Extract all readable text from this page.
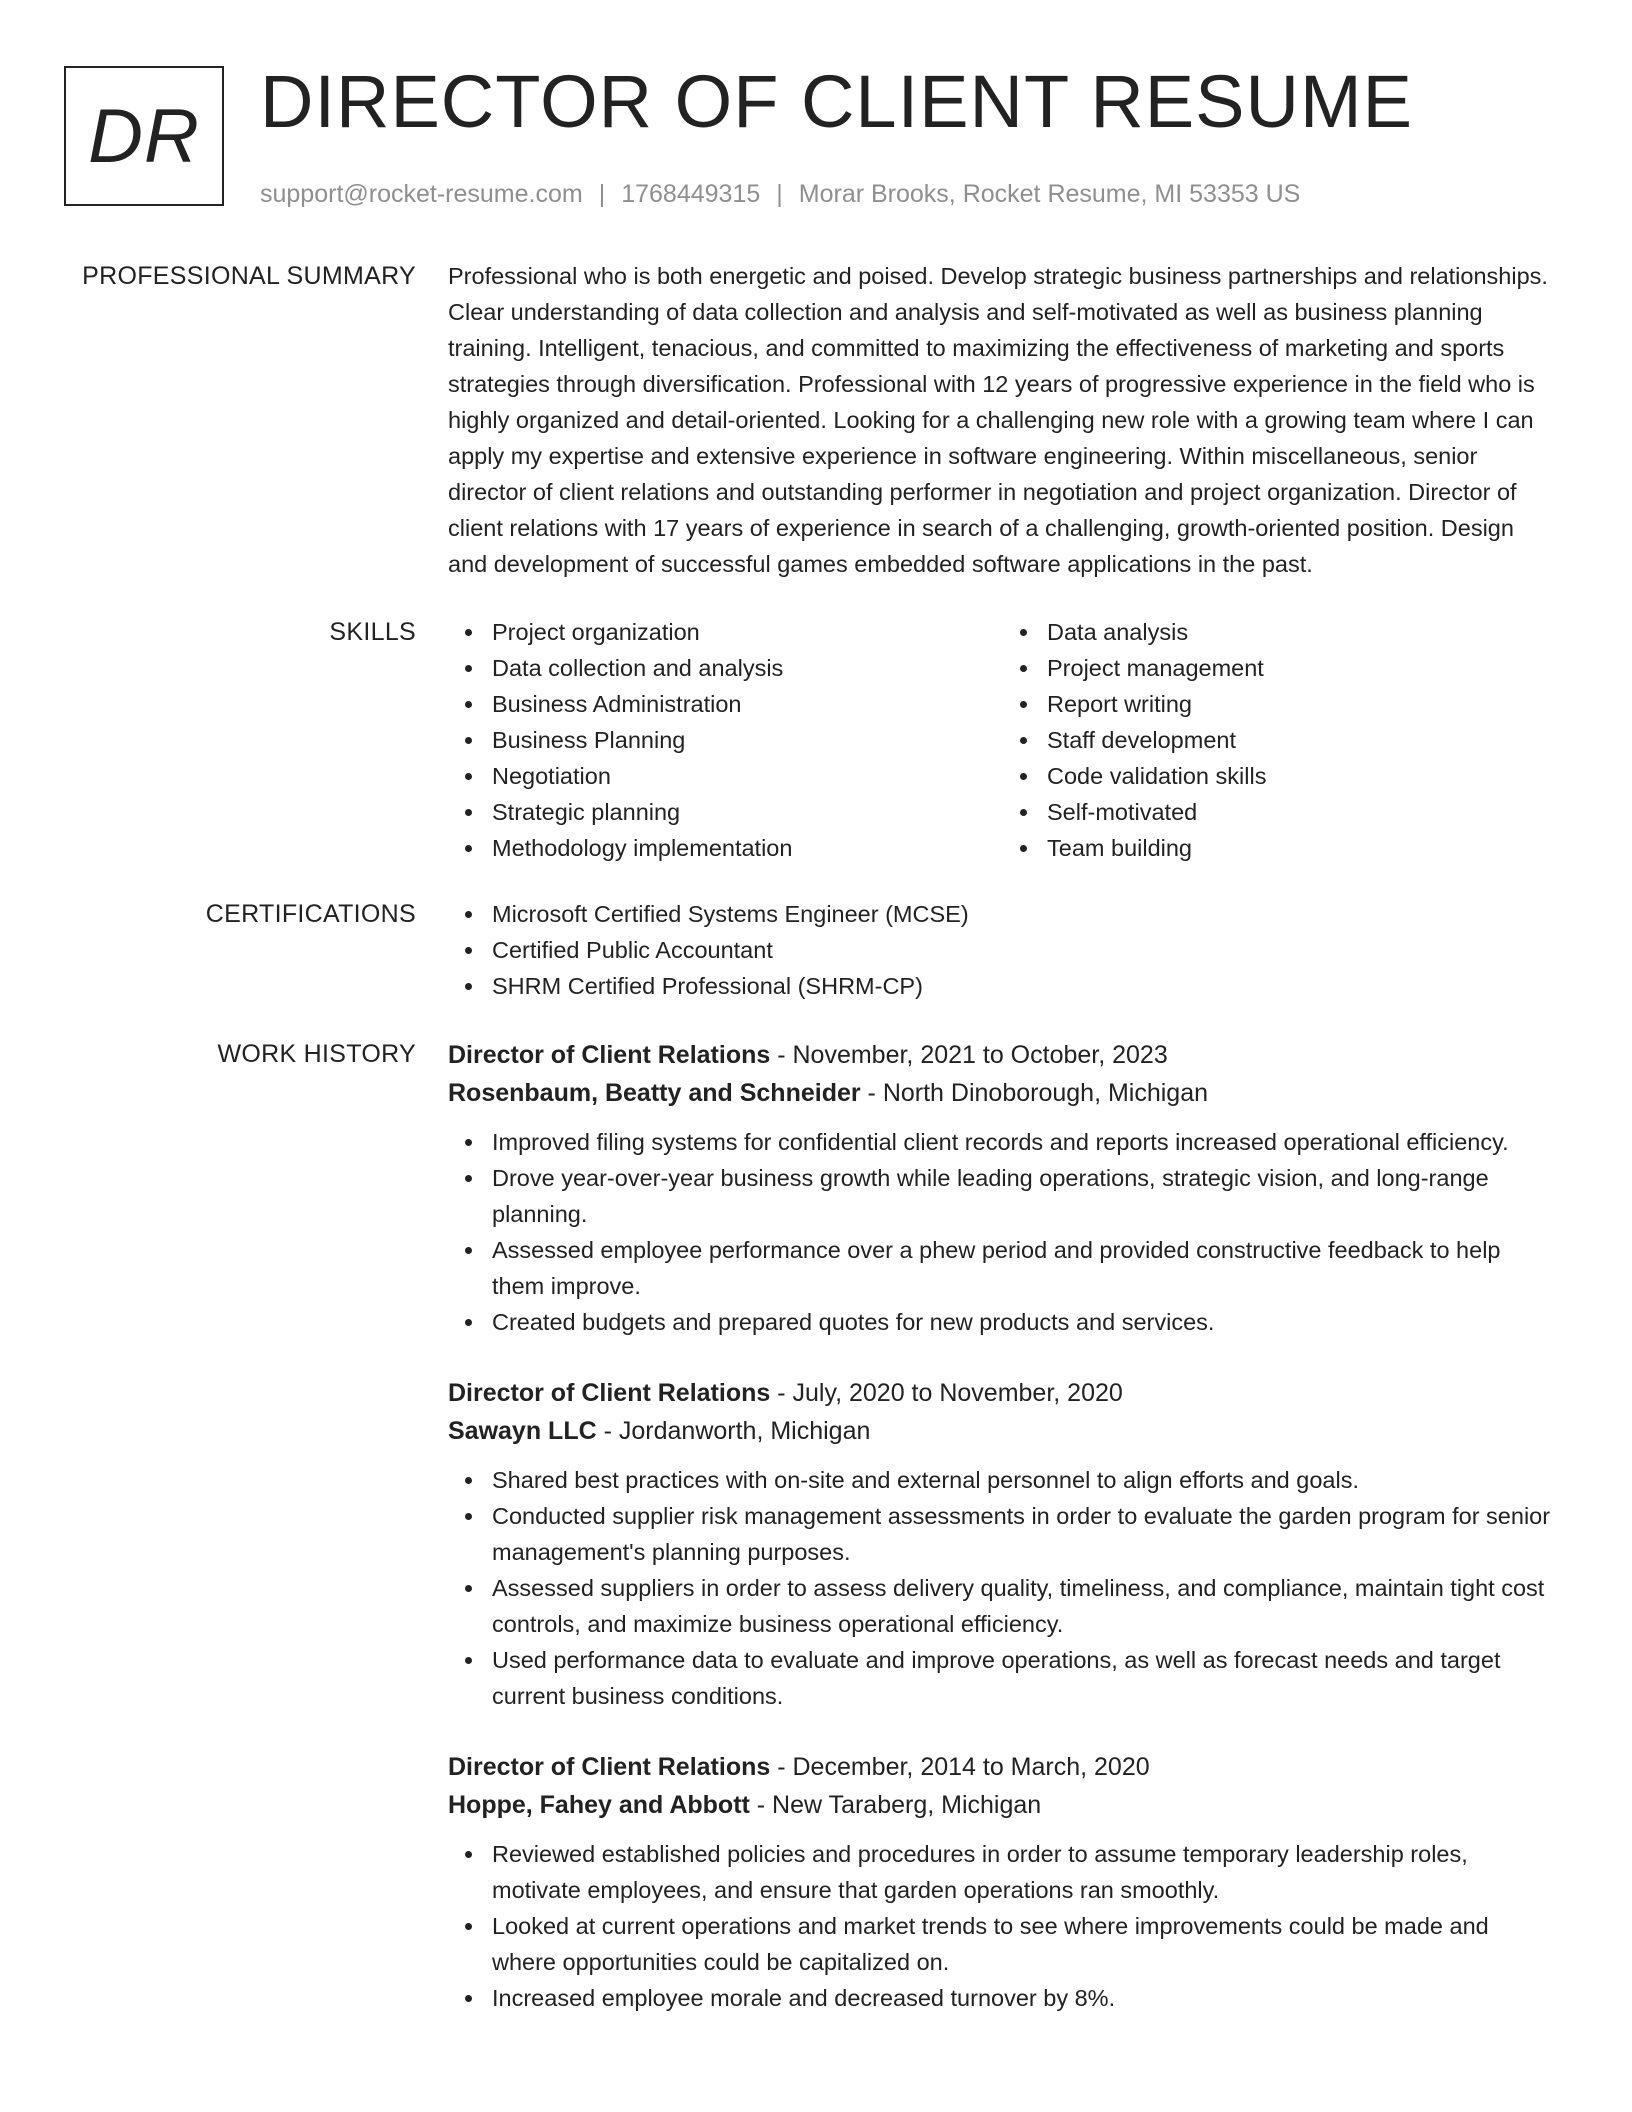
DR DIRECTOR OF CLIENT RESUME
support@rocket-resume.com | 1768449315 | Morar Brooks, Rocket Resume, MI 53353 US
PROFESSIONAL SUMMARY Professional who is both energetic and poised. Develop strategic business partnerships and relationships. Clear understanding of data collection and analysis and self-motivated as well as business planning training. Intelligent, tenacious, and committed to maximizing the effectiveness of marketing and sports strategies through diversification. Professional with 12 years of progressive experience in the field who is highly organized and detail-oriented. Looking for a challenging new role with a growing team where I can apply my expertise and extensive experience in software engineering. Within miscellaneous, senior director of client relations and outstanding performer in negotiation and project organization. Director of client relations with 17 years of experience in search of a challenging, growth-oriented position. Design and development of successful games embedded software applications in the past.

SKILLS	Project organization
Data collection and analysis
Business Administration
Business Planning
Negotiation
Strategic planning
Methodology implementation
Data analysis
Project management
Report writing
Staff development
Code validation skills
Self-motivated
Team building
CERTIFICATIONS	Microsoft Certified Systems Engineer (MCSE)
Certified Public Accountant
SHRM Certified Professional (SHRM-CP)
WORK HISTORY Director of Client Relations - November, 2021 to October, 2023
Rosenbaum, Beatty and Schneider - North Dinoborough, Michigan
Improved filing systems for confidential client records and reports increased operational efficiency.
Drove year-over-year business growth while leading operations, strategic vision, and long-range planning.
Assessed employee performance over a phew period and provided constructive feedback to help them improve.
Created budgets and prepared quotes for new products and services.
Director of Client Relations - July, 2020 to November, 2020
Sawayn LLC - Jordanworth, Michigan
Shared best practices with on-site and external personnel to align efforts and goals.
Conducted supplier risk management assessments in order to evaluate the garden program for senior management's planning purposes.
Assessed suppliers in order to assess delivery quality, timeliness, and compliance, maintain tight cost controls, and maximize business operational efficiency.
Used performance data to evaluate and improve operations, as well as forecast needs and target current business conditions.
Director of Client Relations - December, 2014 to March, 2020
Hoppe, Fahey and Abbott - New Taraberg, Michigan
Reviewed established policies and procedures in order to assume temporary leadership roles, motivate employees, and ensure that garden operations ran smoothly.
Looked at current operations and market trends to see where improvements could be made and where opportunities could be capitalized on.
Increased employee morale and decreased turnover by 8%.
